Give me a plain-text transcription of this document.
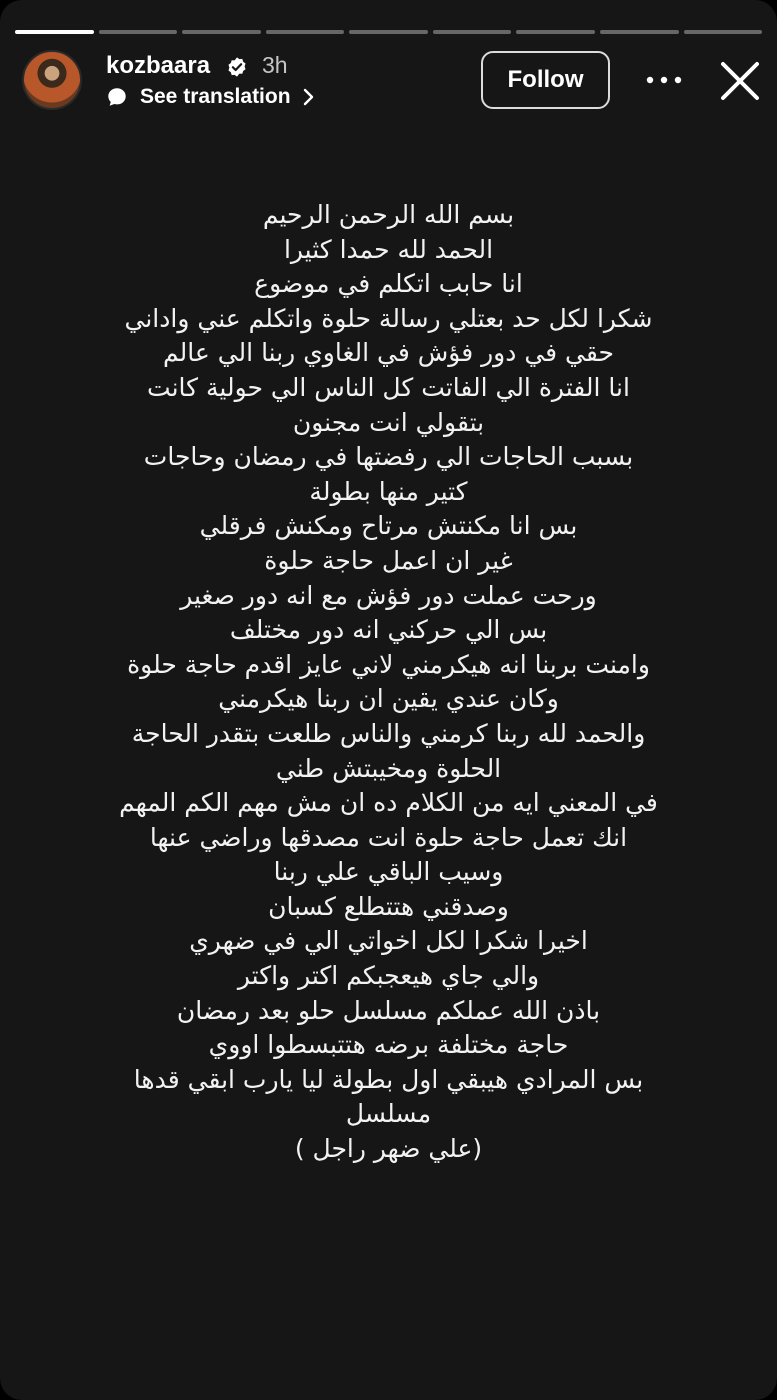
kozbaara 3h
See translation
Follow
بسم الله الرحمن الرحيم
الحمد لله حمدا كثيرا
انا حابب اتكلم في موضوع
شكرا لكل حد بعتلي رسالة حلوة واتكلم عني واداني
حقي في دور فؤش في الغاوي ربنا الي عالم
انا الفترة الي الفاتت كل الناس الي حولية كانت
بتقولي انت مجنون
بسبب الحاجات الي رفضتها في رمضان وحاجات
كتير منها بطولة
بس انا مكنتش مرتاح ومكنش فرقلي
غير ان اعمل حاجة حلوة
ورحت عملت دور فؤش مع انه دور صغير
بس الي حركني انه دور مختلف
وامنت بربنا انه هيكرمني لاني عايز اقدم حاجة حلوة
وكان عندي يقين ان ربنا هيكرمني
والحمد لله ربنا كرمني والناس طلعت بتقدر الحاجة
الحلوة ومخيبتش طني
في المعني ايه من الكلام ده ان مش مهم الكم المهم
انك تعمل حاجة حلوة انت مصدقها وراضي عنها
وسيب الباقي علي ربنا
وصدقني هتتطلع كسبان
اخيرا شكرا لكل اخواتي الي في ضهري
والي جاي هيعجبكم اكتر واكتر
باذن الله عملكم مسلسل حلو بعد رمضان
حاجة مختلفة برضه هتتبسطوا اووي
بس المرادي هيبقي اول بطولة ليا يارب ابقي قدها
مسلسل
(علي ضهر راجل )
